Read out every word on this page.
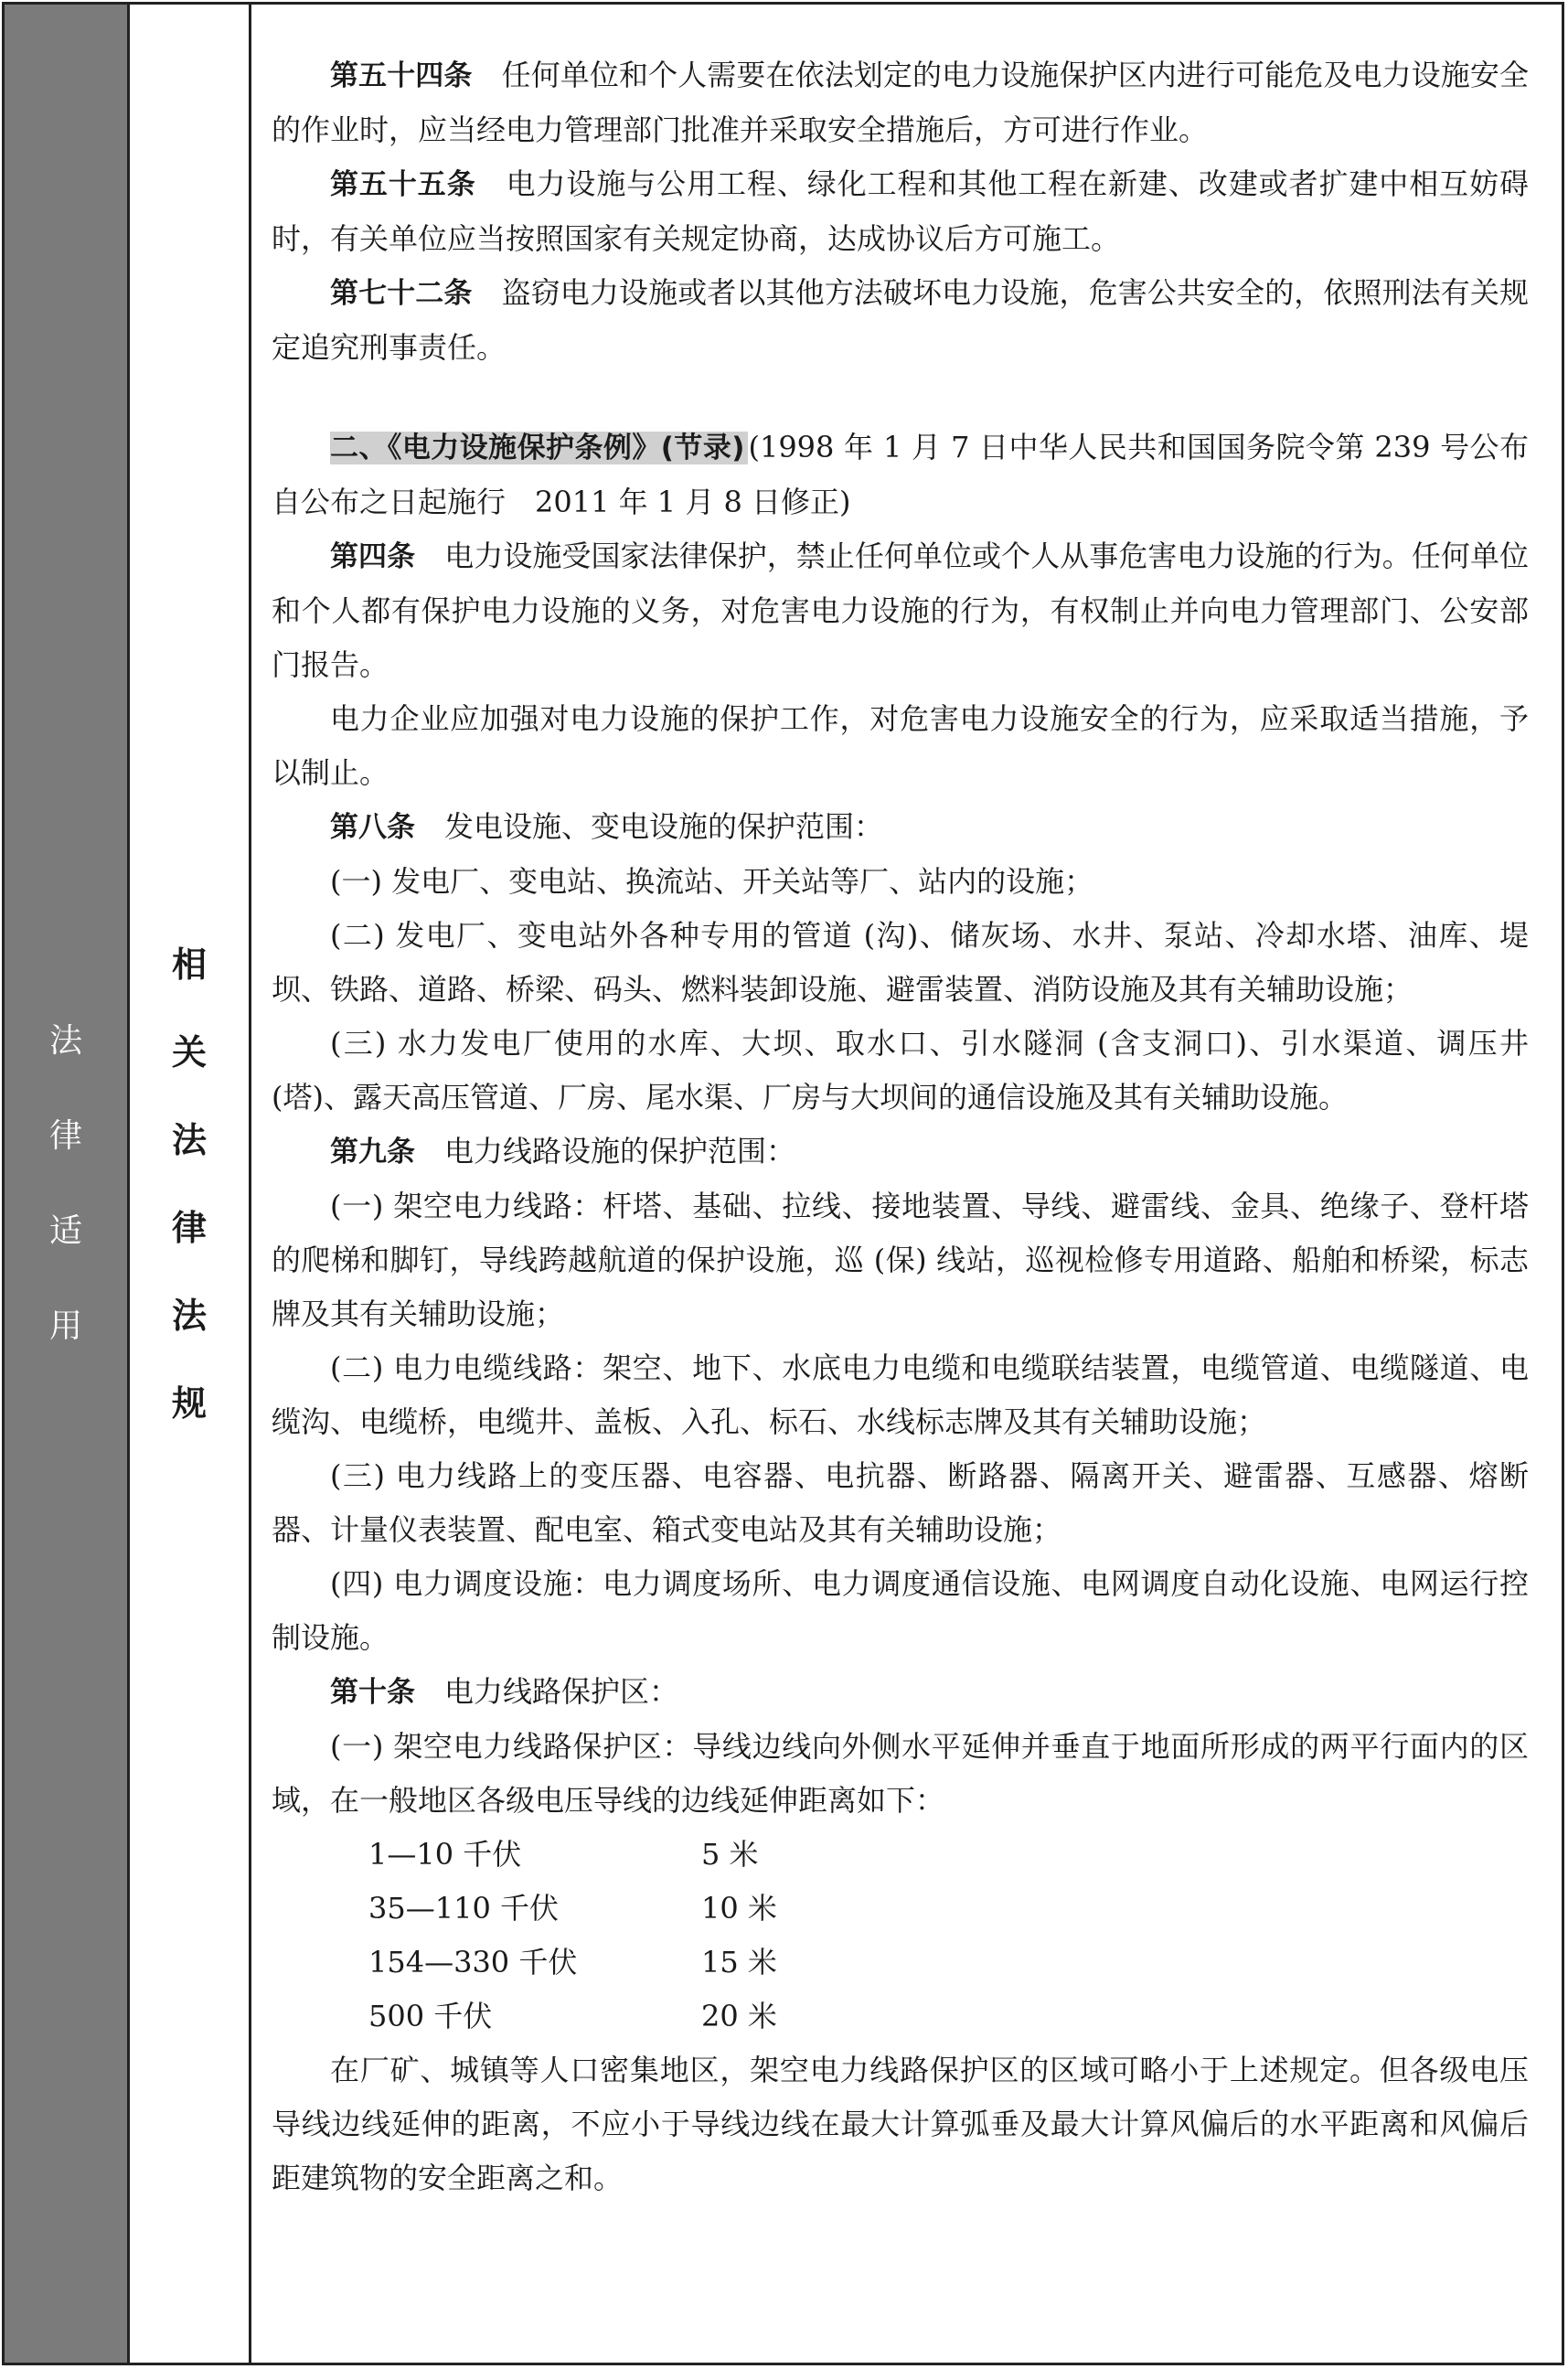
法
律
适
用
相
关
法
律
法
规

第五十四条　 任何单位和个人需要在依法划定的电力设施保护区内进行可能危及电力设施安全的作业时，应当经电力管理部门批准并采取安全措施后，方可进行作业。

第五十五条　 电力设施与公用工程、绿化工程和其他工程在新建、改建或者扩建中相互妨碍时，有关单位应当按照国家有关规定协商，达成协议后方可施工。

第七十二条　 盗窃电力设施或者以其他方法破坏电力设施，危害公共安全的，依照刑法有关规定追究刑事责任。

二、《电力设施保护条例》(节录) (1998 年 1 月 7 日中华人民共和国国务院令第 239 号公布　自公布之日起施行　2011 年 1 月 8 日修正)

第四条　 电力设施受国家法律保护，禁止任何单位或个人从事危害电力设施的行为。任何单位和个人都有保护电力设施的义务，对危害电力设施的行为，有权制止并向电力管理部门、公安部门报告。

电力企业应加强对电力设施的保护工作，对危害电力设施安全的行为，应采取适当措施，予以制止。

第八条　 发电设施、变电设施的保护范围：

(一) 发电厂、变电站、换流站、开关站等厂、站内的设施；

(二) 发电厂、变电站外各种专用的管道 (沟)、储灰场、水井、泵站、冷却水塔、油库、堤坝、铁路、道路、桥梁、码头、燃料装卸设施、避雷装置、消防设施及其有关辅助设施；

(三) 水力发电厂使用的水库、大坝、取水口、引水隧洞 (含支洞口)、引水渠道、调压井 (塔)、露天高压管道、厂房、尾水渠、厂房与大坝间的通信设施及其有关辅助设施。

第九条　 电力线路设施的保护范围：

(一) 架空电力线路：杆塔、基础、拉线、接地装置、导线、避雷线、金具、绝缘子、登杆塔的爬梯和脚钉，导线跨越航道的保护设施，巡 (保) 线站，巡视检修专用道路、船舶和桥梁，标志牌及其有关辅助设施；

(二) 电力电缆线路：架空、地下、水底电力电缆和电缆联结装置，电缆管道、电缆隧道、电缆沟、电缆桥，电缆井、盖板、入孔、标石、水线标志牌及其有关辅助设施；

(三) 电力线路上的变压器、电容器、电抗器、断路器、隔离开关、避雷器、互感器、熔断器、计量仪表装置、配电室、箱式变电站及其有关辅助设施；

(四) 电力调度设施：电力调度场所、电力调度通信设施、电网调度自动化设施、电网运行控制设施。

第十条　 电力线路保护区：

(一) 架空电力线路保护区：导线边线向外侧水平延伸并垂直于地面所形成的两平行面内的区域，在一般地区各级电压导线的边线延伸距离如下：

1—10 千伏	5 米
35—110 千伏	10 米
154—330 千伏	15 米
500 千伏	20 米

在厂矿、城镇等人口密集地区，架空电力线路保护区的区域可略小于上述规定。但各级电压导线边线延伸的距离，不应小于导线边线在最大计算弧垂及最大计算风偏后的水平距离和风偏后距建筑物的安全距离之和。
